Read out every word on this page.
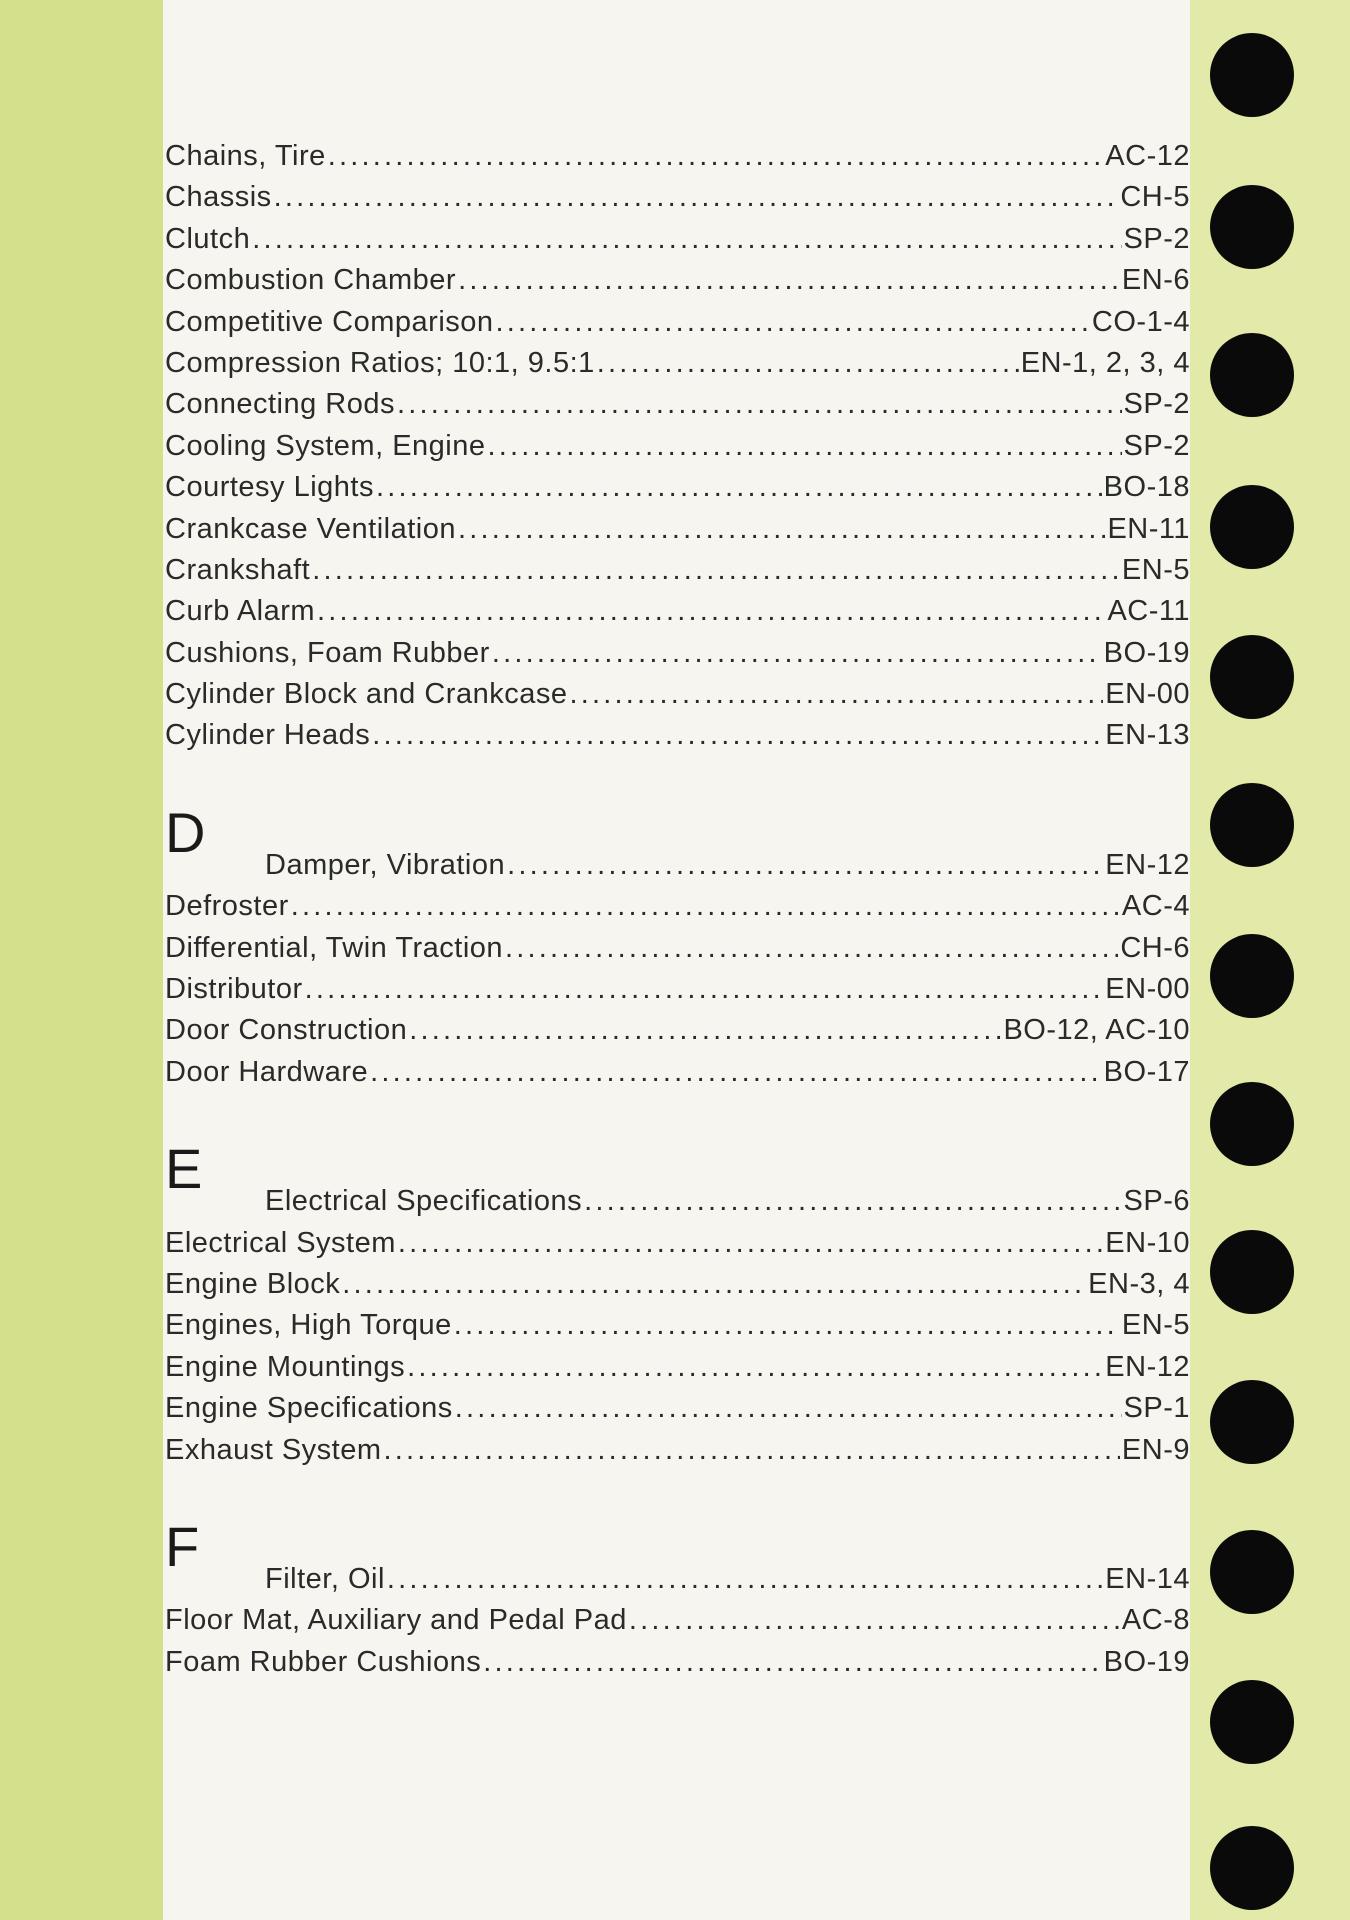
Chains, Tire .....	AC-12
Chassis .....	CH-5
Clutch .....	SP-2
Combustion Chamber .....	EN-6
Competitive Comparison .....	CO-1-4
Compression Ratios; 10:1, 9.5:1 .....	EN-1, 2, 3, 4
Connecting Rods .....	SP-2
Cooling System, Engine .....	SP-2
Courtesy Lights .....	BO-18
Crankcase Ventilation .....	EN-11
Crankshaft .....	EN-5
Curb Alarm .....	AC-11
Cushions, Foam Rubber .....	BO-19
Cylinder Block and Crankcase .....	EN-00
Cylinder Heads .....	EN-13
D
Damper, Vibration .....	EN-12
Defroster .....	AC-4
Differential, Twin Traction .....	CH-6
Distributor .....	EN-00
Door Construction .....	BO-12, AC-10
Door Hardware .....	BO-17
E
Electrical Specifications .....	SP-6
Electrical System .....	EN-10
Engine Block .....	EN-3, 4
Engines, High Torque .....	EN-5
Engine Mountings .....	EN-12
Engine Specifications .....	SP-1
Exhaust System .....	EN-9
F
Filter, Oil .....	EN-14
Floor Mat, Auxiliary and Pedal Pad .....	AC-8
Foam Rubber Cushions .....	BO-19
